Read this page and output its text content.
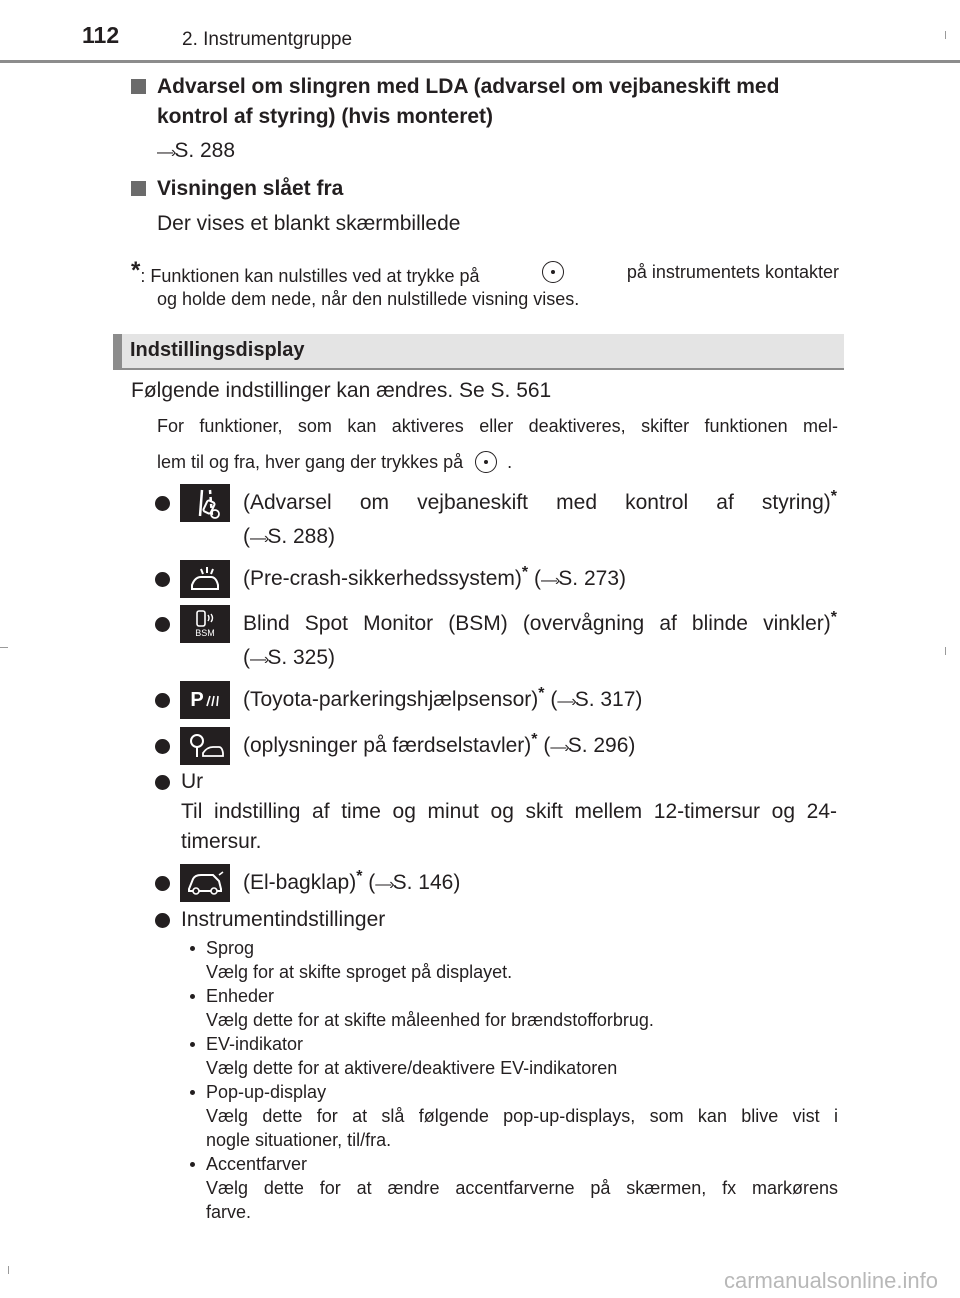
112	2. Instrumentgruppe
Advarsel om slingren med LDA (advarsel om vejbaneskift med
kontrol af styring) (hvis monteret)
—›S. 288
Visningen slået fra
Der vises et blankt skærmbillede
*: Funktionen kan nulstilles ved at trykke på	på instrumentets kontakter
og holde dem nede, når den nulstillede visning vises.
Indstillingsdisplay
Følgende indstillinger kan ændres. Se S. 561
For funktioner, som kan aktiveres eller deaktiveres, skifter funktionen mel-
lem til og fra, hver gang der trykkes på .
(Advarsel om vejbaneskift med kontrol af styring)*
(—›S. 288)
(Pre-crash-sikkerhedssystem)* (—›S. 273)
BSM Blind Spot Monitor (BSM) (overvågning af blinde vinkler)*
(—›S. 325)
P (Toyota-parkeringshjælpsensor)* (—›S. 317)
(oplysninger på færdselstavler)* (—›S. 296)
Ur
Til indstilling af time og minut og skift mellem 12-timersur og 24-
timersur.
(El-bagklap)* (—›S. 146)
Instrumentindstillinger
Sprog
Vælg for at skifte sproget på displayet.
Enheder
Vælg dette for at skifte måleenhed for brændstofforbrug.
EV-indikator
Vælg dette for at aktivere/deaktivere EV-indikatoren
Pop-up-display
Vælg dette for at slå følgende pop-up-displays, som kan blive vist i
nogle situationer, til/fra.
Accentfarver
Vælg dette for at ændre accentfarverne på skærmen, fx markørens
farve.
carmanualsonline.info
